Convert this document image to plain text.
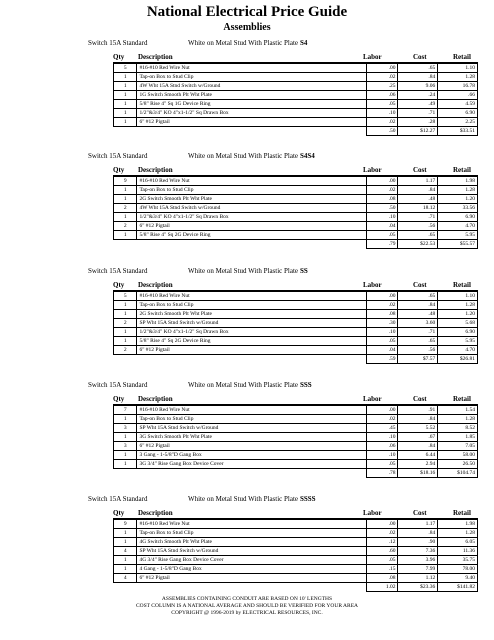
National Electrical Price Guide
Assemblies
Switch 15A Standard	White on Metal Stud With Plastic Plate S4
Qty Description	Labor	Cost	Retail
5	#16-#10 Red Wire Nut	.00	.65	1.10
1	Tap-on Box to Stud Clip	.02	.84	1.28
1	4W Wht 15A Stnd Switch w/Ground	.25	9.06	16.78
1	1G Switch Smooth Plt Wht Plate	.06	.24	.66
1	5/8" Rise 4" Sq 1G Device Ring	.05	.49	4.59
1	1/2"&3/4" KO 4"x1-1/2" Sq Drawn Box	.10	.71	6.90
1	6" #12 Pigtail	.02	.28	2.25
		.50	$12.27	$33.51
Switch 15A Standard	White on Metal Stud With Plastic Plate S4S4
Qty Description	Labor	Cost	Retail
9	#16-#10 Red Wire Nut	.00	1.17	1.98
1	Tap-on Box to Stud Clip	.02	.84	1.28
1	2G Switch Smooth Plt Wht Plate	.08	.48	1.20
2	4W Wht 15A Stnd Switch w/Ground	.50	18.12	33.56
1	1/2"&3/4" KO 4"x1-1/2" Sq Drawn Box	.10	.71	6.90
2	6" #12 Pigtail	.04	.56	4.70
1	5/8" Rise 4" Sq 2G Device Ring	.05	.65	5.95
		.79	$22.53	$55.57
Switch 15A Standard	White on Metal Stud With Plastic Plate SS
Qty Description	Labor	Cost	Retail
5	#16-#10 Red Wire Nut	.00	.65	1.10
1	Tap-on Box to Stud Clip	.02	.84	1.28
1	2G Switch Smooth Plt Wht Plate	.08	.48	1.20
2	SP Wht 15A Stnd Switch w/Ground	.30	3.60	5.68
1	1/2"&3/4" KO 4"x1-1/2" Sq Drawn Box	.10	.71	6.90
1	5/8" Rise 4" Sq 2G Device Ring	.05	.65	5.95
2	6" #12 Pigtail	.04	.56	4.70
		.59	$7.57	$26.81
Switch 15A Standard	White on Metal Stud With Plastic Plate SSS
Qty Description	Labor	Cost	Retail
7	#16-#10 Red Wire Nut	.00	.91	1.54
1	Tap-on Box to Stud Clip	.02	.84	1.28
3	SP Wht 15A Stnd Switch w/Ground	.45	5.52	8.52
1	3G Switch Smooth Plt Wht Plate	.10	.67	1.85
3	6" #12 Pigtail	.06	.84	7.05
1	3 Gang - 1-5/8"D Gang Box	.10	6.44	58.00
1	3G 3/4" Rise Gang Box Device Cover	.05	2.94	26.50
		.78	$18.16	$104.74
Switch 15A Standard	White on Metal Stud With Plastic Plate SSSS
Qty Description	Labor	Cost	Retail
9	#16-#10 Red Wire Nut	.00	1.17	1.98
1	Tap-on Box to Stud Clip	.02	.84	1.28
1	4G Switch Smooth Plt Wht Plate	.12	.90	6.05
4	SP Wht 15A Stnd Switch w/Ground	.60	7.36	11.36
1	4G 3/4" Rise Gang Box Device Cover	.05	3.96	35.75
1	4 Gang - 1-5/8"D Gang Box	.15	7.99	78.00
4	6" #12 Pigtail	.08	1.12	9.40
		1.02	$23.36	$141.82
ASSEMBLIES CONTAINING CONDUIT ARE BASED ON 10' LENGTHS
COST COLUMN IS A NATIONAL AVERAGE AND SHOULD BE VERIFIED FOR YOUR AREA
COPYRIGHT @ 1996-2019 by ELECTRICAL RESOURCES, INC.
